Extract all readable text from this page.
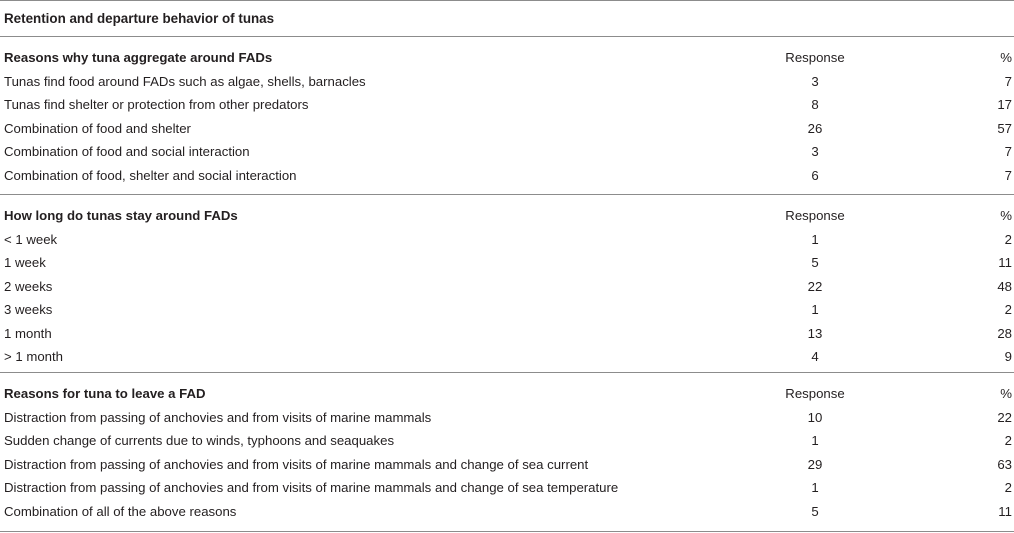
Retention and departure behavior of tunas
Reasons why tuna aggregate around FADs	Response	%
Tunas find food around FADs such as algae, shells, barnacles	3	7
Tunas find shelter or protection from other predators	8	17
Combination of food and shelter	26	57
Combination of food and social interaction	3	7
Combination of food, shelter and social interaction	6	7
How long do tunas stay around FADs	Response	%
< 1 week	1	2
1 week	5	11
2 weeks	22	48
3 weeks	1	2
1 month	13	28
> 1 month	4	9
Reasons for tuna to leave a FAD	Response	%
Distraction from passing of anchovies and from visits of marine mammals	10	22
Sudden change of currents due to winds, typhoons and seaquakes	1	2
Distraction from passing of anchovies and from visits of marine mammals and change of sea current	29	63
Distraction from passing of anchovies and from visits of marine mammals and change of sea temperature	1	2
Combination of all of the above reasons	5	11
